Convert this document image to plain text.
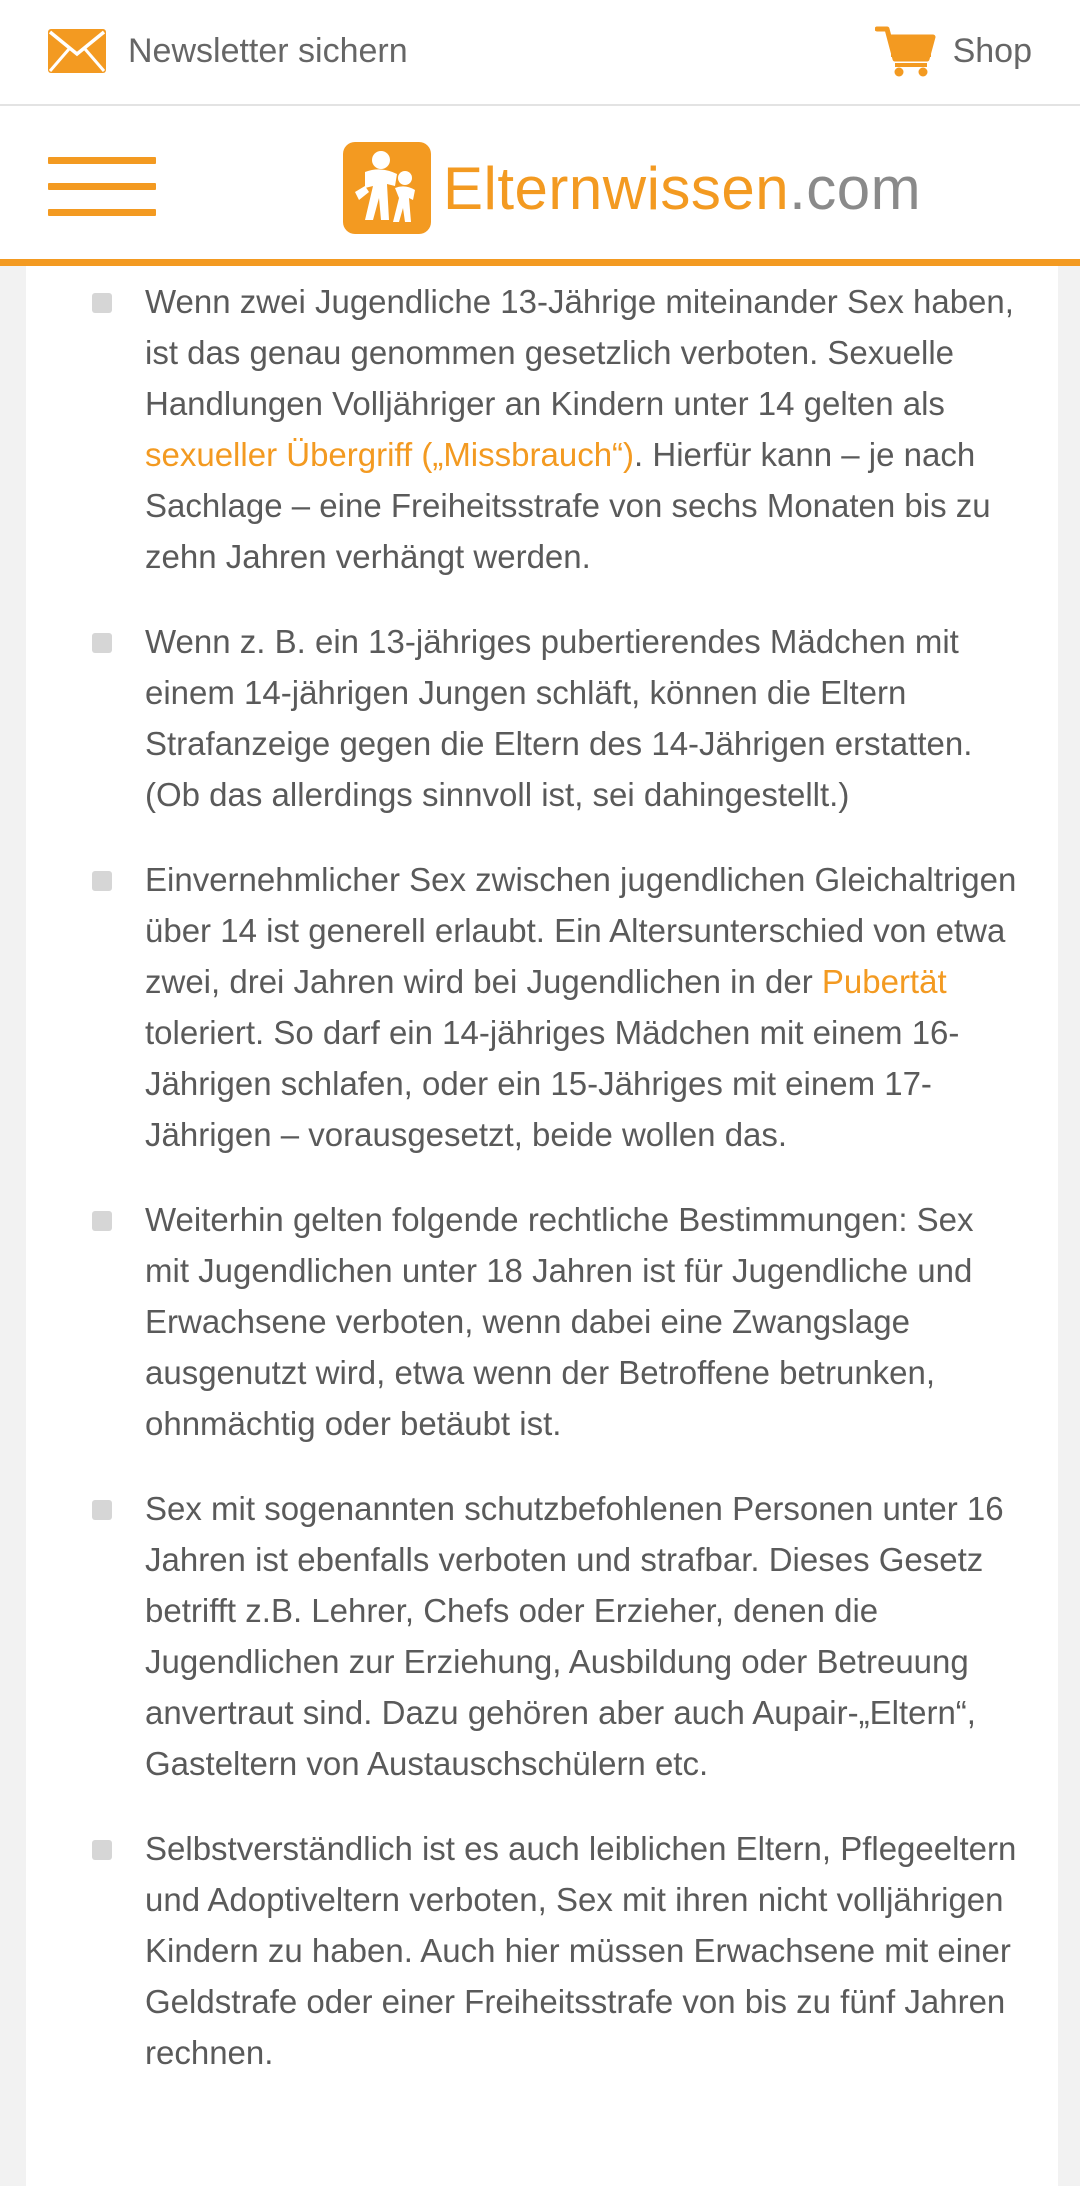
Newsletter sichern	Shop
Elternwissen.com
Wenn zwei Jugendliche 13-Jährige miteinander Sex haben, ist das genau genommen gesetzlich verboten. Sexuelle Handlungen Volljähriger an Kindern unter 14 gelten als sexueller Übergriff („Missbrauch“). Hierfür kann – je nach Sachlage – eine Freiheitsstrafe von sechs Monaten bis zu zehn Jahren verhängt werden.
Wenn z. B. ein 13-jähriges pubertierendes Mädchen mit einem 14-jährigen Jungen schläft, können die Eltern Strafanzeige gegen die Eltern des 14-Jährigen erstatten. (Ob das allerdings sinnvoll ist, sei dahingestellt.)
Einvernehmlicher Sex zwischen jugendlichen Gleichaltrigen über 14 ist generell erlaubt. Ein Altersunterschied von etwa zwei, drei Jahren wird bei Jugendlichen in der Pubertät toleriert. So darf ein 14-jähriges Mädchen mit einem 16-Jährigen schlafen, oder ein 15-Jähriges mit einem 17-Jährigen – vorausgesetzt, beide wollen das.
Weiterhin gelten folgende rechtliche Bestimmungen: Sex mit Jugendlichen unter 18 Jahren ist für Jugendliche und Erwachsene verboten, wenn dabei eine Zwangslage ausgenutzt wird, etwa wenn der Betroffene betrunken, ohnmächtig oder betäubt ist.
Sex mit sogenannten schutzbefohlenen Personen unter 16 Jahren ist ebenfalls verboten und strafbar. Dieses Gesetz betrifft z.B. Lehrer, Chefs oder Erzieher, denen die Jugendlichen zur Erziehung, Ausbildung oder Betreuung anvertraut sind. Dazu gehören aber auch Aupair-„Eltern“, Gasteltern von Austauschschülern etc.
Selbstverständlich ist es auch leiblichen Eltern, Pflegeeltern und Adoptiveltern verboten, Sex mit ihren nicht volljährigen Kindern zu haben. Auch hier müssen Erwachsene mit einer Geldstrafe oder einer Freiheitsstrafe von bis zu fünf Jahren rechnen.
